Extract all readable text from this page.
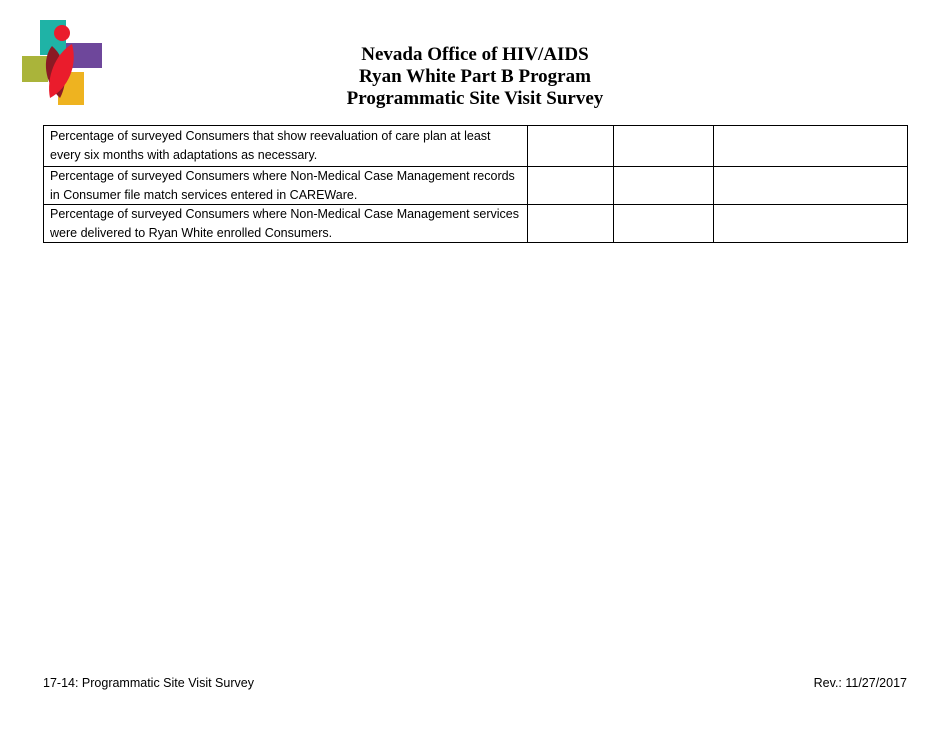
Nevada Office of HIV/AIDS
Ryan White Part B Program
Programmatic Site Visit Survey
Percentage of surveyed Consumers that show reevaluation of care plan at least every six months with adaptations as necessary.			
Percentage of surveyed Consumers where Non-Medical Case Management records in Consumer file match services entered in CAREWare.			
Percentage of surveyed Consumers where Non-Medical Case Management services were delivered to Ryan White enrolled Consumers.			
17-14: Programmatic Site Visit Survey	Rev.: 11/27/2017
